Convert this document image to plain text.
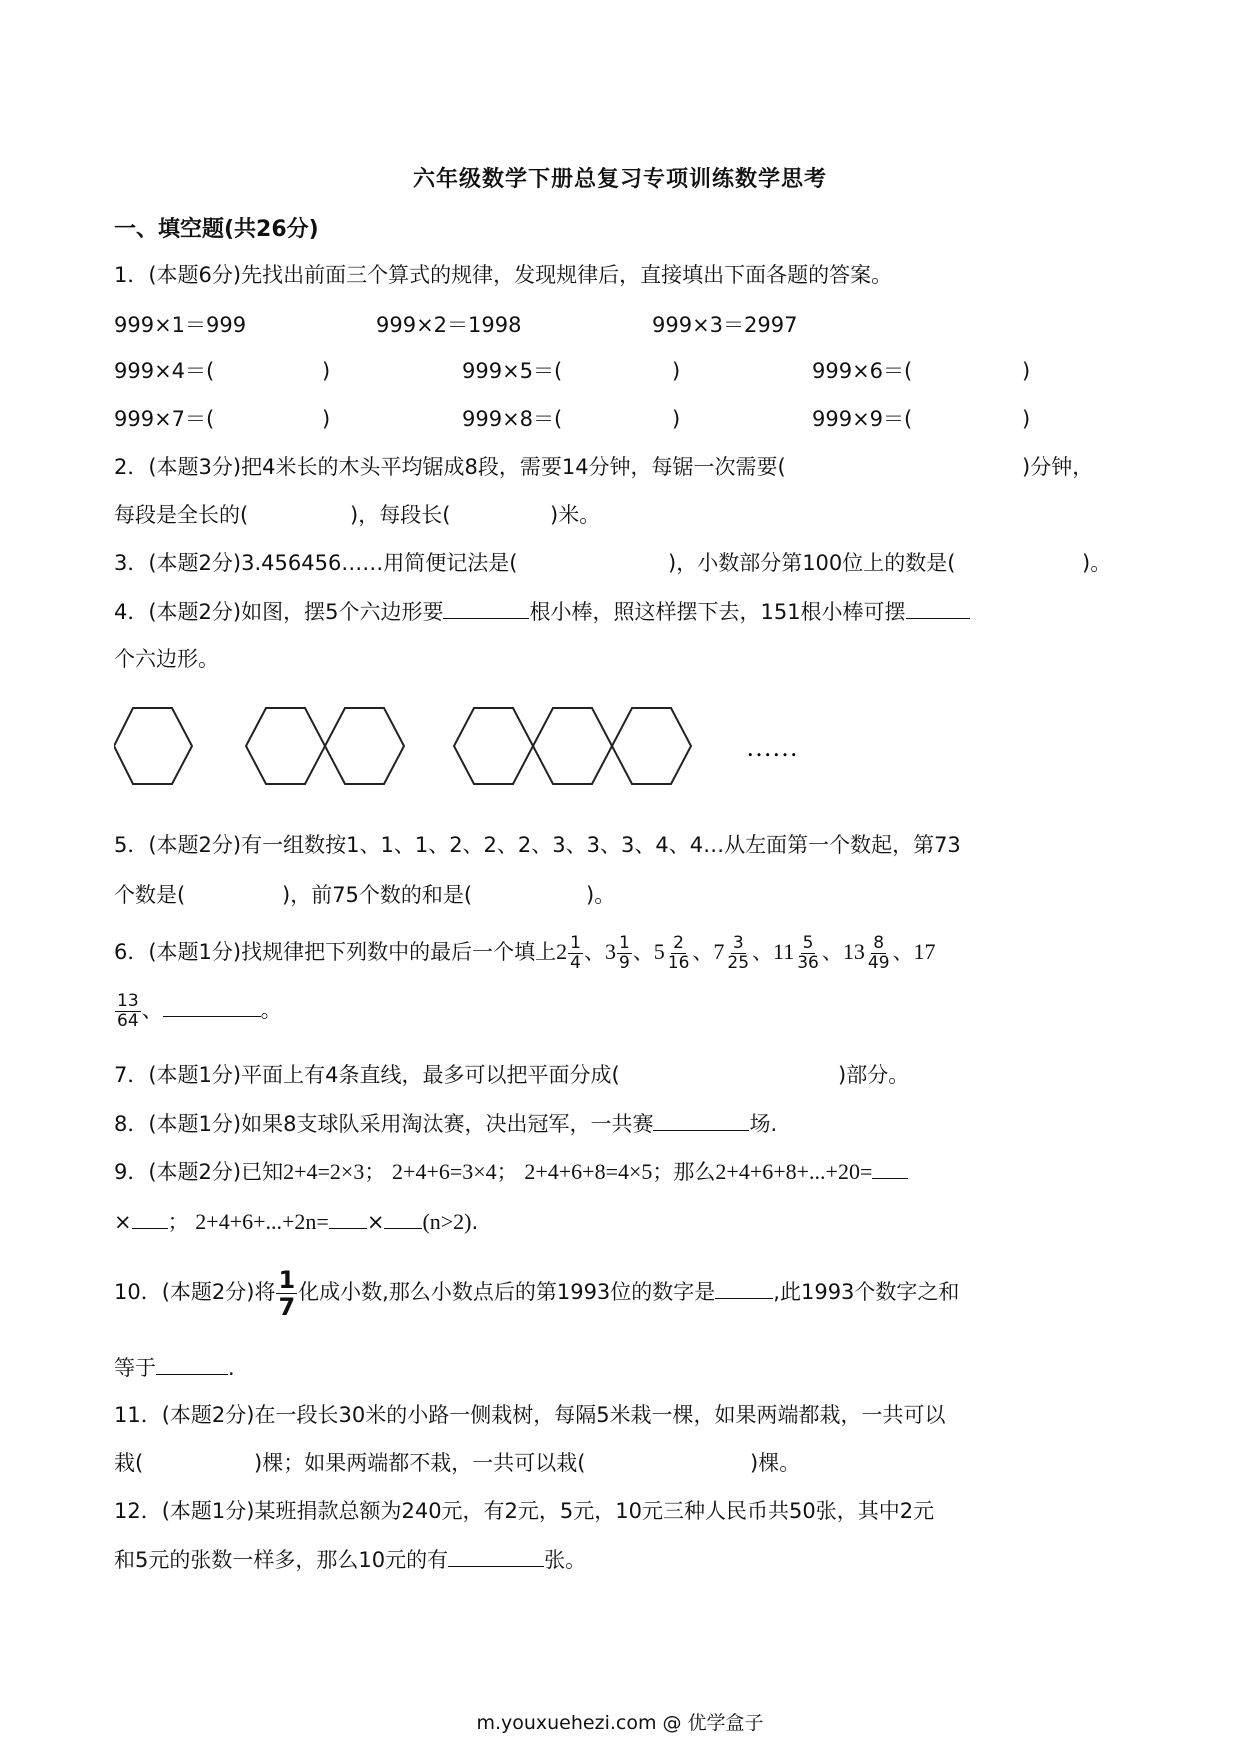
六年级数学下册总复习专项训练数学思考
一、填空题(共26分)
1．(本题6分)先找出前面三个算式的规律，发现规律后，直接填出下面各题的答案。
999×1＝999	999×2＝1998	999×3＝2997
999×4＝(	)	999×5＝(	)	999×6＝(	)
999×7＝(	)	999×8＝(	)	999×9＝(	)
2．(本题3分)把4米长的木头平均锯成8段，需要14分钟，每锯一次需要(	)分钟，
每段是全长的(	)，每段长(	)米。
3．(本题2分)3.456456……用简便记法是(	)，小数部分第100位上的数是(	)。
4．(本题2分)如图，摆5个六边形要	根小棒，照这样摆下去，151根小棒可摆
个六边形。
……
5．(本题2分)有一组数按1、1、1、2、2、2、3、3、3、4、4…从左面第一个数起，第73
个数是(	)，前75个数的和是(	)。
6．(本题1分)找规律把下列数中的最后一个填上$2 \frac{1}{4}$ 、$3 \frac{1}{9}$ 、$5 \frac{2}{16}$ 、$7 \frac{3}{25}$ 、$11 \frac{5}{36}$ 、$13 \frac{8}{49}$ 、17
$\frac{13}{64}$ 、	。
7．(本题1分)平面上有4条直线，最多可以把平面分成(	)部分。
8．(本题1分)如果8支球队采用淘汰赛，决出冠军，一共赛	场.
9．(本题2分)已知2+4=2×3； 2+4+6=3×4； 2+4+6+8=4×5；那么2+4+6+8+...+20=
× ； 2+4+6+...+2n= × (n>2).
10．(本题2分)将 $\frac{1}{7}$ 化成小数,那么小数点后的第1993位的数字是	,此1993个数字之和
等于	.
11．(本题2分)在一段长30米的小路一侧栽树，每隔5米栽一棵，如果两端都栽，一共可以
栽(	)棵；如果两端都不栽，一共可以栽(	)棵。
12．(本题1分)某班捐款总额为240元，有2元，5元，10元三种人民币共50张，其中2元
和5元的张数一样多，那么10元的有	张。
m.youxuehezi.com @ 优学盒子
